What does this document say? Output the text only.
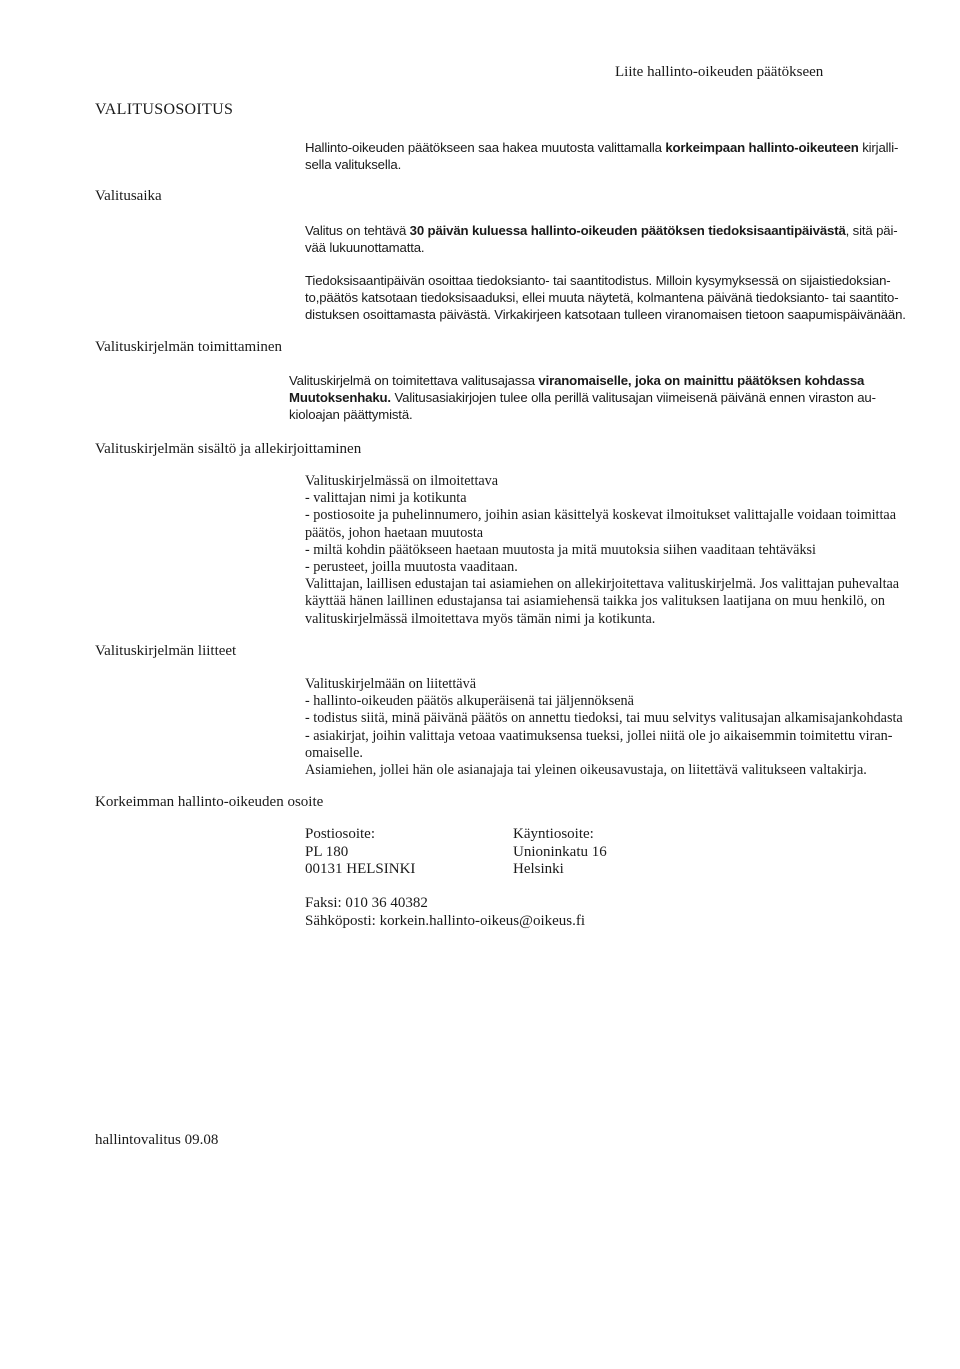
Liite hallinto-oikeuden päätökseen
VALITUSOSOITUS
Hallinto-oikeuden päätökseen saa hakea muutosta valittamalla korkeimpaan hallinto-oikeuteen kirjalli-
sella valituksella.
Valitusaika
Valitus on tehtävä 30 päivän kuluessa hallinto-oikeuden päätöksen tiedoksisaantipäivästä, sitä päi-
vää lukuunottamatta.
Tiedoksisaantipäivän osoittaa tiedoksianto- tai saantitodistus. Milloin kysymyksessä on sijaistiedoksian-
to,päätös katsotaan tiedoksisaaduksi, ellei muuta näytetä, kolmantena päivänä tiedoksianto- tai saantito-
distuksen osoittamasta päivästä. Virkakirjeen katsotaan tulleen viranomaisen tietoon saapumispäivänään.
Valituskirjelmän toimittaminen
Valituskirjelmä on toimitettava valitusajassa viranomaiselle, joka on mainittu päätöksen kohdassa
Muutoksenhaku. Valitusasiakirjojen tulee olla perillä valitusajan viimeisenä päivänä ennen viraston au-
kioloajan päättymistä.
Valituskirjelmän sisältö ja allekirjoittaminen
Valituskirjelmässä on ilmoitettava
- valittajan nimi ja kotikunta
- postiosoite ja puhelinnumero, joihin asian käsittelyä koskevat ilmoitukset valittajalle voidaan toimittaa
päätös, johon haetaan muutosta
- miltä kohdin päätökseen haetaan muutosta ja mitä muutoksia siihen vaaditaan tehtäväksi
- perusteet, joilla muutosta vaaditaan.
Valittajan, laillisen edustajan tai asiamiehen on allekirjoitettava valituskirjelmä. Jos valittajan puhevaltaa
käyttää hänen laillinen edustajansa tai asiamiehensä taikka jos valituksen laatijana on muu henkilö, on
valituskirjelmässä ilmoitettava myös tämän nimi ja kotikunta.
Valituskirjelmän liitteet
Valituskirjelmään on liitettävä
- hallinto-oikeuden päätös alkuperäisenä tai jäljennöksenä
- todistus siitä, minä päivänä päätös on annettu tiedoksi, tai muu selvitys valitusajan alkamisajankohdasta
- asiakirjat, joihin valittaja vetoaa vaatimuksensa tueksi, jollei niitä ole jo aikaisemmin toimitettu viran-
omaiselle.
Asiamiehen, jollei hän ole asianajaja tai yleinen oikeusavustaja, on liitettävä valitukseen valtakirja.
Korkeimman hallinto-oikeuden osoite
Postiosoite:
PL 180
00131 HELSINKI
Käyntiosoite:
Unioninkatu 16
Helsinki
Faksi: 010 36 40382
Sähköposti: korkein.hallinto-oikeus@oikeus.fi
hallintovalitus 09.08
